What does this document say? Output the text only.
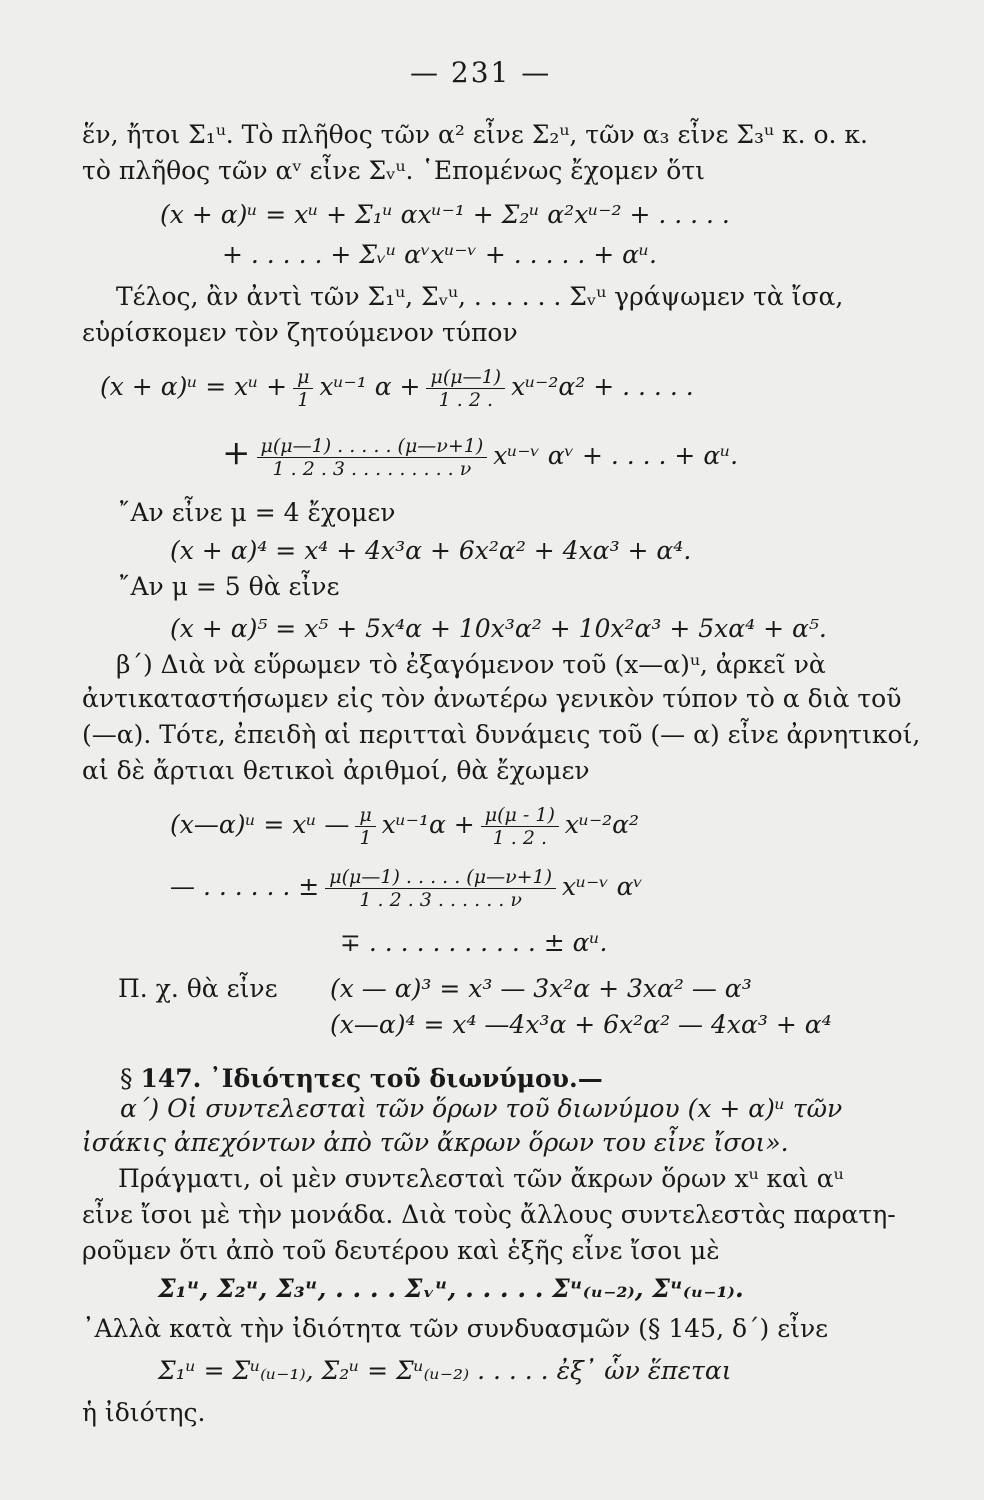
— 231 —
ἕν, ἤτοι Σ₁ᵘ. Τὸ πλῆθος τῶν α² εἶνε Σ₂ᵘ, τῶν α₃ εἶνε Σ₃ᵘ κ. ο. κ.
τὸ πλῆθος τῶν αᵛ εἶνε Σᵥᵘ. ῾Επομένως ἔχομεν ὅτι
(x + α)ᵘ = xᵘ + Σ₁ᵘ αxᵘ⁻¹ + Σ₂ᵘ α²xᵘ⁻² + . . . . .
+ . . . . . + Σᵥᵘ αᵛxᵘ⁻ᵛ + . . . . . + αᵘ.
Τέλος, ἂν ἀντὶ τῶν Σ₁ᵘ, Σᵥᵘ, . . . . . . Σᵥᵘ γράψωμεν τὰ ἴσα,
εὑρίσκομεν τὸν ζητούμενον τύπον
(x + α)ᵘ = xᵘ + $\frac{\mu}{1}$ xᵘ⁻¹ $\alpha + \frac{\mu(\mu—1)}{1 . 2 .}$ xᵘ⁻²α² + . . . . .
+ $\frac{\mu(\mu—1) . . . . . (\mu—\nu+1)}{1 . 2 . 3 . . . . . . . . . \nu}$ xᵘ⁻ᵛ αᵛ + . . . . + αᵘ.
῎Αν εἶνε μ = 4 ἔχομεν
(x + α)⁴ = x⁴ + 4x³α + 6x²α² + 4xα³ + α⁴.
῎Αν μ = 5 θὰ εἶνε
(x + α)⁵ = x⁵ + 5x⁴α + 10x³α² + 10x²α³ + 5xα⁴ + α⁵.
β΄) Διὰ νὰ εὕρωμεν τὸ ἐξαγόμενον τοῦ (x—α)ᵘ, ἀρκεῖ νὰ
ἀντικαταστήσωμεν εἰς τὸν ἀνωτέρω γενικὸν τύπον τὸ α διὰ τοῦ
(—α). Τότε, ἐπειδὴ αἱ περιτταὶ δυνάμεις τοῦ (— α) εἶνε ἀρνητικοί,
αἱ δὲ ἄρτιαι θετικοὶ ἀριθμοί, θὰ ἔχωμεν
(x—α)ᵘ = xᵘ — $\frac{\mu}{1}$ xᵘ⁻¹α + $\frac{\mu(\mu - 1)}{1 . 2 .}$ xᵘ⁻²α²
— . . . . . . ± $\frac{\mu(\mu—1) . . . . . (\mu—\nu+1)}{1 . 2 . 3 . . . . . . \nu}$ xᵘ⁻ᵛ αᵛ
∓ . . . . . . . . . . . ± αᵘ.
Π. χ. θὰ εἶνε (x — α)³ = x³ — 3x²α + 3xα² — α³
(x—α)⁴ = x⁴ —4x³α + 6x²α² — 4xα³ + α⁴
§ 147. ᾿Ιδιότητες τοῦ διωνύμου.—
α΄) Οἱ συντελεσταὶ τῶν ὅρων τοῦ διωνύμου (x + α)ᵘ τῶν
ἰσάκις ἀπεχόντων ἀπὸ τῶν ἄκρων ὅρων του εἶνε ἴσοι».
Πράγματι, οἱ μὲν συντελεσταὶ τῶν ἄκρων ὅρων xᵘ καὶ αᵘ
εἶνε ἴσοι μὲ τὴν μονάδα. Διὰ τοὺς ἄλλους συντελεστὰς παρατη-
ροῦμεν ὅτι ἀπὸ τοῦ δευτέρου καὶ ἑξῆς εἶνε ἴσοι μὲ
Σ₁ᵘ, Σ₂ᵘ, Σ₃ᵘ, . . . . Σᵥᵘ, . . . . . Σᵘ₍ᵤ₋₂₎, Σᵘ₍ᵤ₋₁₎.
᾿Αλλὰ κατὰ τὴν ἰδιότητα τῶν συνδυασμῶν (§ 145, δ΄) εἶνε
Σ₁ᵘ = Σᵘ₍ᵤ₋₁₎, Σ₂ᵘ = Σᵘ₍ᵤ₋₂₎ . . . . . ἐξ᾿ ὧν ἕπεται
ἡ ἰδιότης.
